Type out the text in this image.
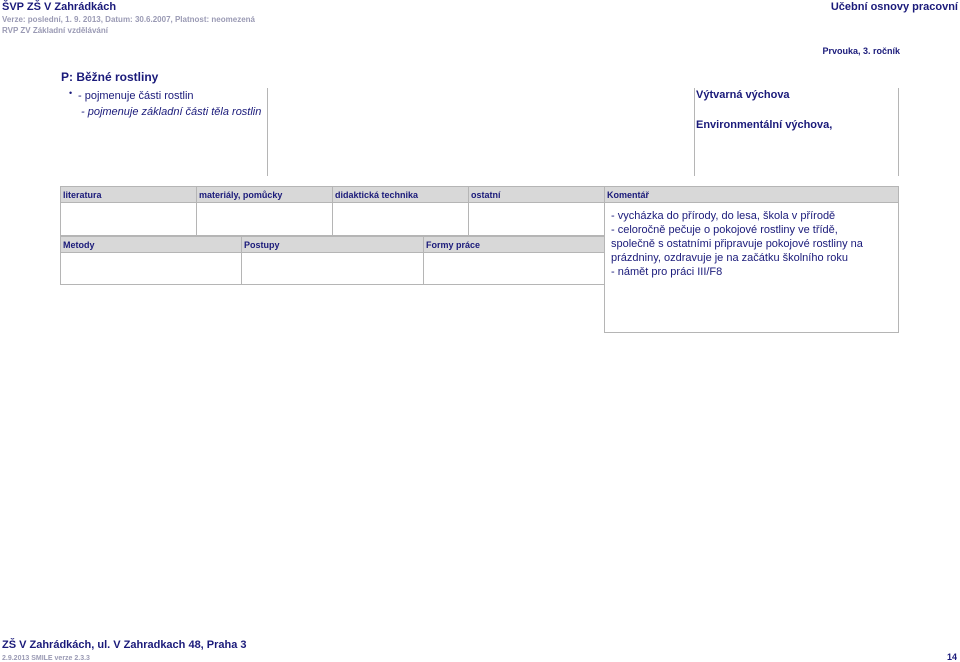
ŠVP ZŠ V Zahrádkách	Učební osnovy pracovní
Verze: poslední, 1. 9. 2013, Datum: 30.6.2007, Platnost: neomezená
RVP ZV Základní vzdělávání
Prvouka, 3. ročník
P: Běžné rostliny
• - pojmenuje části rostlin
- pojmenuje základní části těla rostlin
Výtvarná výchova
Environmentální výchova,
literatura	materiály, pomůcky	didaktická technika	ostatní	Komentář
Metody	Postupy	Formy práce
- vycházka do přírody, do lesa, škola v přírodě
- celoročně pečuje o pokojové rostliny ve třídě,
společně s ostatními připravuje pokojové rostliny na
prázdniny, ozdravuje je na začátku školního roku
- námět pro práci III/F8
ZŠ V Zahrádkách, ul. V Zahradkach 48, Praha 3
2.9.2013 SMILE verze 2.3.3	14
